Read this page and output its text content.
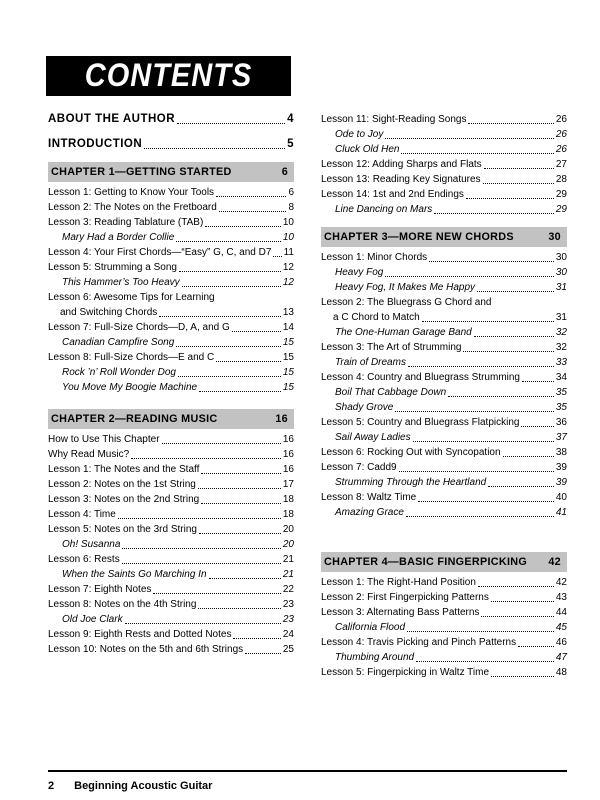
CONTENTS
ABOUT THE AUTHOR	4
INTRODUCTION	5
CHAPTER 1—GETTING STARTED	6
Lesson 1: Getting to Know Your Tools	6
Lesson 2: The Notes on the Fretboard	8
Lesson 3: Reading Tablature (TAB)	10
Mary Had a Border Collie	10
Lesson 4: Your First Chords—“Easy” G, C, and D7 11
Lesson 5: Strumming a Song	12
This Hammer’s Too Heavy	12
Lesson 6: Awesome Tips for Learning
and Switching Chords	13
Lesson 7: Full-Size Chords—D, A, and G	14
Canadian Campfire Song	15
Lesson 8: Full-Size Chords—E and C	15
Rock ’n’ Roll Wonder Dog	15
You Move My Boogie Machine	15
CHAPTER 2—READING MUSIC	16
How to Use This Chapter	16
Why Read Music?	16
Lesson 1: The Notes and the Staff	16
Lesson 2: Notes on the 1st String	17
Lesson 3: Notes on the 2nd String	18
Lesson 4: Time	18
Lesson 5: Notes on the 3rd String	20
Oh! Susanna	20
Lesson 6: Rests	21
When the Saints Go Marching In	21
Lesson 7: Eighth Notes	22
Lesson 8: Notes on the 4th String	23
Old Joe Clark	23
Lesson 9: Eighth Rests and Dotted Notes	24
Lesson 10: Notes on the 5th and 6th Strings	25
Lesson 11: Sight-Reading Songs	26
Ode to Joy	26
Cluck Old Hen	26
Lesson 12: Adding Sharps and Flats	27
Lesson 13: Reading Key Signatures	28
Lesson 14: 1st and 2nd Endings	29
Line Dancing on Mars	29
CHAPTER 3—MORE NEW CHORDS	30
Lesson 1: Minor Chords	30
Heavy Fog	30
Heavy Fog, It Makes Me Happy	31
Lesson 2: The Bluegrass G Chord and
a C Chord to Match	31
The One-Human Garage Band	32
Lesson 3: The Art of Strumming	32
Train of Dreams	33
Lesson 4: Country and Bluegrass Strumming	34
Boil That Cabbage Down	35
Shady Grove	35
Lesson 5: Country and Bluegrass Flatpicking	36
Sail Away Ladies	37
Lesson 6: Rocking Out with Syncopation	38
Lesson 7: Cadd9	39
Strumming Through the Heartland	39
Lesson 8: Waltz Time	40
Amazing Grace	41
CHAPTER 4—BASIC FINGERPICKING 42
Lesson 1: The Right-Hand Position	42
Lesson 2: First Fingerpicking Patterns	43
Lesson 3: Alternating Bass Patterns	44
California Flood	45
Lesson 4: Travis Picking and Pinch Patterns	46
Thumbing Around	47
Lesson 5: Fingerpicking in Waltz Time	48
2 Beginning Acoustic Guitar
